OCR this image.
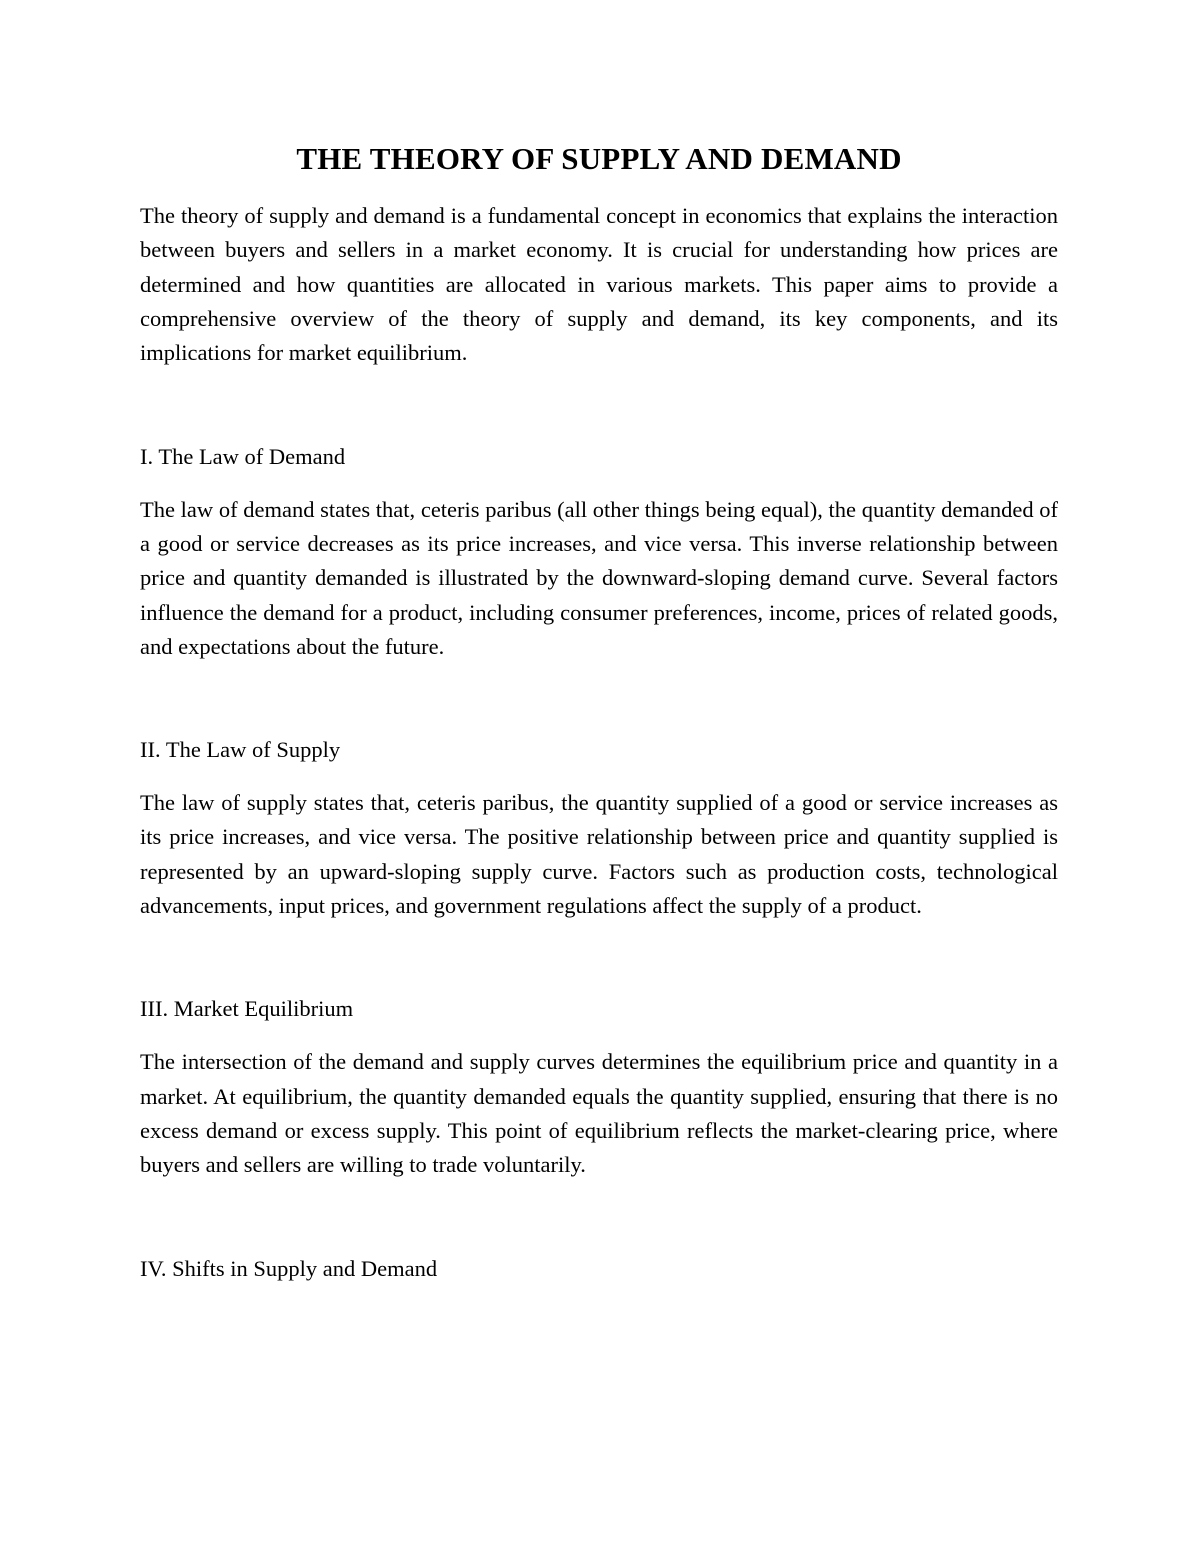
THE THEORY OF SUPPLY AND DEMAND

The theory of supply and demand is a fundamental concept in economics that explains the interaction between buyers and sellers in a market economy. It is crucial for understanding how prices are determined and how quantities are allocated in various markets. This paper aims to provide a comprehensive overview of the theory of supply and demand, its key components, and its implications for market equilibrium.

I. The Law of Demand

The law of demand states that, ceteris paribus (all other things being equal), the quantity demanded of a good or service decreases as its price increases, and vice versa. This inverse relationship between price and quantity demanded is illustrated by the downward-sloping demand curve. Several factors influence the demand for a product, including consumer preferences, income, prices of related goods, and expectations about the future.

II. The Law of Supply

The law of supply states that, ceteris paribus, the quantity supplied of a good or service increases as its price increases, and vice versa. The positive relationship between price and quantity supplied is represented by an upward-sloping supply curve. Factors such as production costs, technological advancements, input prices, and government regulations affect the supply of a product.

III. Market Equilibrium

The intersection of the demand and supply curves determines the equilibrium price and quantity in a market. At equilibrium, the quantity demanded equals the quantity supplied, ensuring that there is no excess demand or excess supply. This point of equilibrium reflects the market-clearing price, where buyers and sellers are willing to trade voluntarily.

IV. Shifts in Supply and Demand
